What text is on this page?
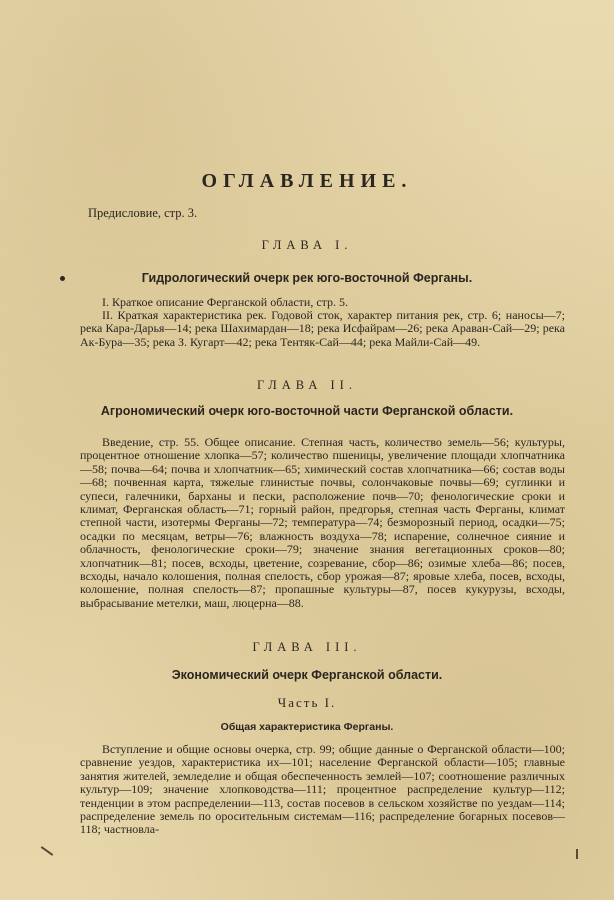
ОГЛАВЛЕНИЕ.
Предисловие, стр. 3.
ГЛАВА I.
Гидрологический очерк рек юго-восточной Ферганы.
I. Краткое описание Ферганской области, стр. 5.
II. Краткая характеристика рек. Годовой сток, характер питания рек, стр. 6; наносы—7; река Кара-Дарья—14; река Шахимардан—18; река Исфайрам—26; река Араван-Сай—29; река Ак-Бура—35; река З. Кугарт—42; река Тентяк-Сай—44; река Майли-Сай—49.
ГЛАВА II.
Агрономический очерк юго-восточной части Ферганской области.
Введение, стр. 55. Общее описание. Степная часть, количество земель—56; культуры, процентное отношение хлопка—57; количество пшеницы, увеличение площади хлопчатника—58; почва—64; почва и хлопчатник—65; химический состав хлопчатника—66; состав воды—68; почвенная карта, тяжелые глинистые почвы, солончаковые почвы—69; суглинки и супеси, галечники, барханы и пески, расположение почв—70; фенологические сроки и климат, Ферганская область—71; горный район, предгорья, степная часть Ферганы, климат степной части, изотермы Ферганы—72; температура—74; безморозный период, осадки—75; осадки по месяцам, ветры—76; влажность воздуха—78; испарение, солнечное сияние и облачность, фенологические сроки—79; значение знания вегетационных сроков—80; хлопчатник—81; посев, всходы, цветение, созревание, сбор—86; озимые хлеба—86; посев, всходы, начало колошения, полная спелость, сбор урожая—87; яровые хлеба, посев, всходы, колошение, полная спелость—87; пропашные культуры—87, посев кукурузы, всходы, выбрасывание метелки, маш, люцерна—88.
ГЛАВА III.
Экономический очерк Ферганской области.
Часть I.
Общая характеристика Ферганы.
Вступление и общие основы очерка, стр. 99; общие данные о Ферганской области—100; сравнение уездов, характеристика их—101; население Ферганской области—105; главные занятия жителей, земледелие и общая обеспеченность землей—107; соотношение различных культур—109; значение хлопководства—111; процентное распределение культур—112; тенденции в этом распределении—113, состав посевов в сельском хозяйстве по уездам—114; распределение земель по оросительным системам—116; распределение богарных посевов—118; частновла-
